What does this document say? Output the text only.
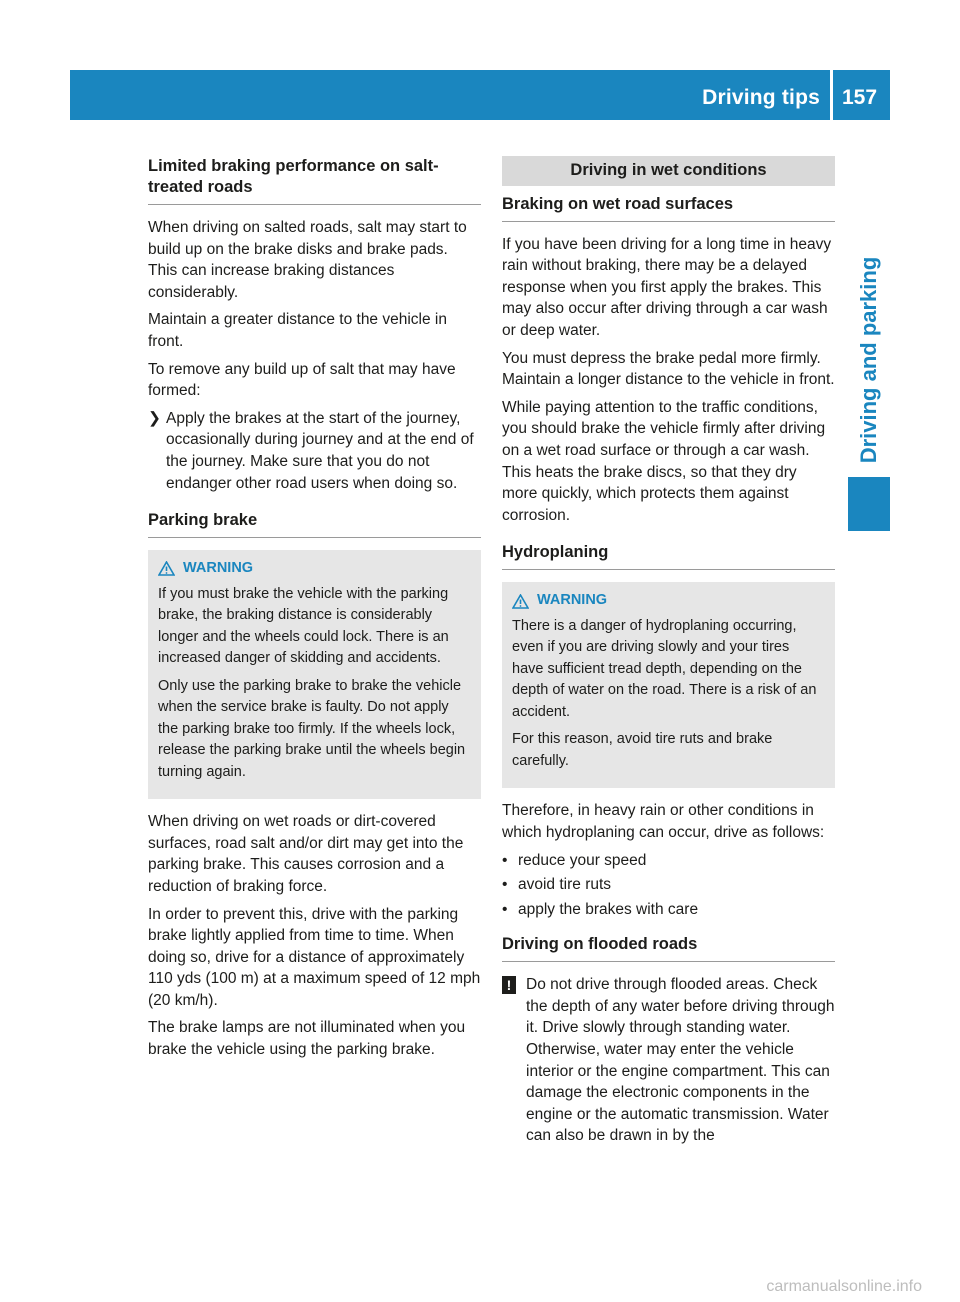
Driving tips 157
Driving and parking
Limited braking performance on salt-treated roads

When driving on salted roads, salt may start to build up on the brake disks and brake pads. This can increase braking distances considerably.

Maintain a greater distance to the vehicle in front.

To remove any build up of salt that may have formed:

❯ Apply the brakes at the start of the journey, occasionally during journey and at the end of the journey. Make sure that you do not endanger other road users when doing so.
Parking brake
WARNING

If you must brake the vehicle with the parking brake, the braking distance is considerably longer and the wheels could lock. There is an increased danger of skidding and accidents.

Only use the parking brake to brake the vehicle when the service brake is faulty. Do not apply the parking brake too firmly. If the wheels lock, release the parking brake until the wheels begin turning again.

When driving on wet roads or dirt-covered surfaces, road salt and/or dirt may get into the parking brake. This causes corrosion and a reduction of braking force.

In order to prevent this, drive with the parking brake lightly applied from time to time. When doing so, drive for a distance of approximately 110 yds (100 m) at a maximum speed of 12 mph (20 km/h).

The brake lamps are not illuminated when you brake the vehicle using the parking brake.

Driving in wet conditions
Braking on wet road surfaces

If you have been driving for a long time in heavy rain without braking, there may be a delayed response when you first apply the brakes. This may also occur after driving through a car wash or deep water.

You must depress the brake pedal more firmly. Maintain a longer distance to the vehicle in front.

While paying attention to the traffic conditions, you should brake the vehicle firmly after driving on a wet road surface or through a car wash. This heats the brake discs, so that they dry more quickly, which protects them against corrosion.

Hydroplaning
WARNING

There is a danger of hydroplaning occurring, even if you are driving slowly and your tires have sufficient tread depth, depending on the depth of water on the road. There is a risk of an accident.

For this reason, avoid tire ruts and brake carefully.

Therefore, in heavy rain or other conditions in which hydroplaning can occur, drive as follows:

• reduce your speed
• avoid tire ruts
• apply the brakes with care
Driving on flooded roads
! Do not drive through flooded areas. Check the depth of any water before driving through it. Drive slowly through standing water. Otherwise, water may enter the vehicle interior or the engine compartment. This can damage the electronic components in the engine or the automatic transmission. Water can also be drawn in by the
carmanualsonline.info
